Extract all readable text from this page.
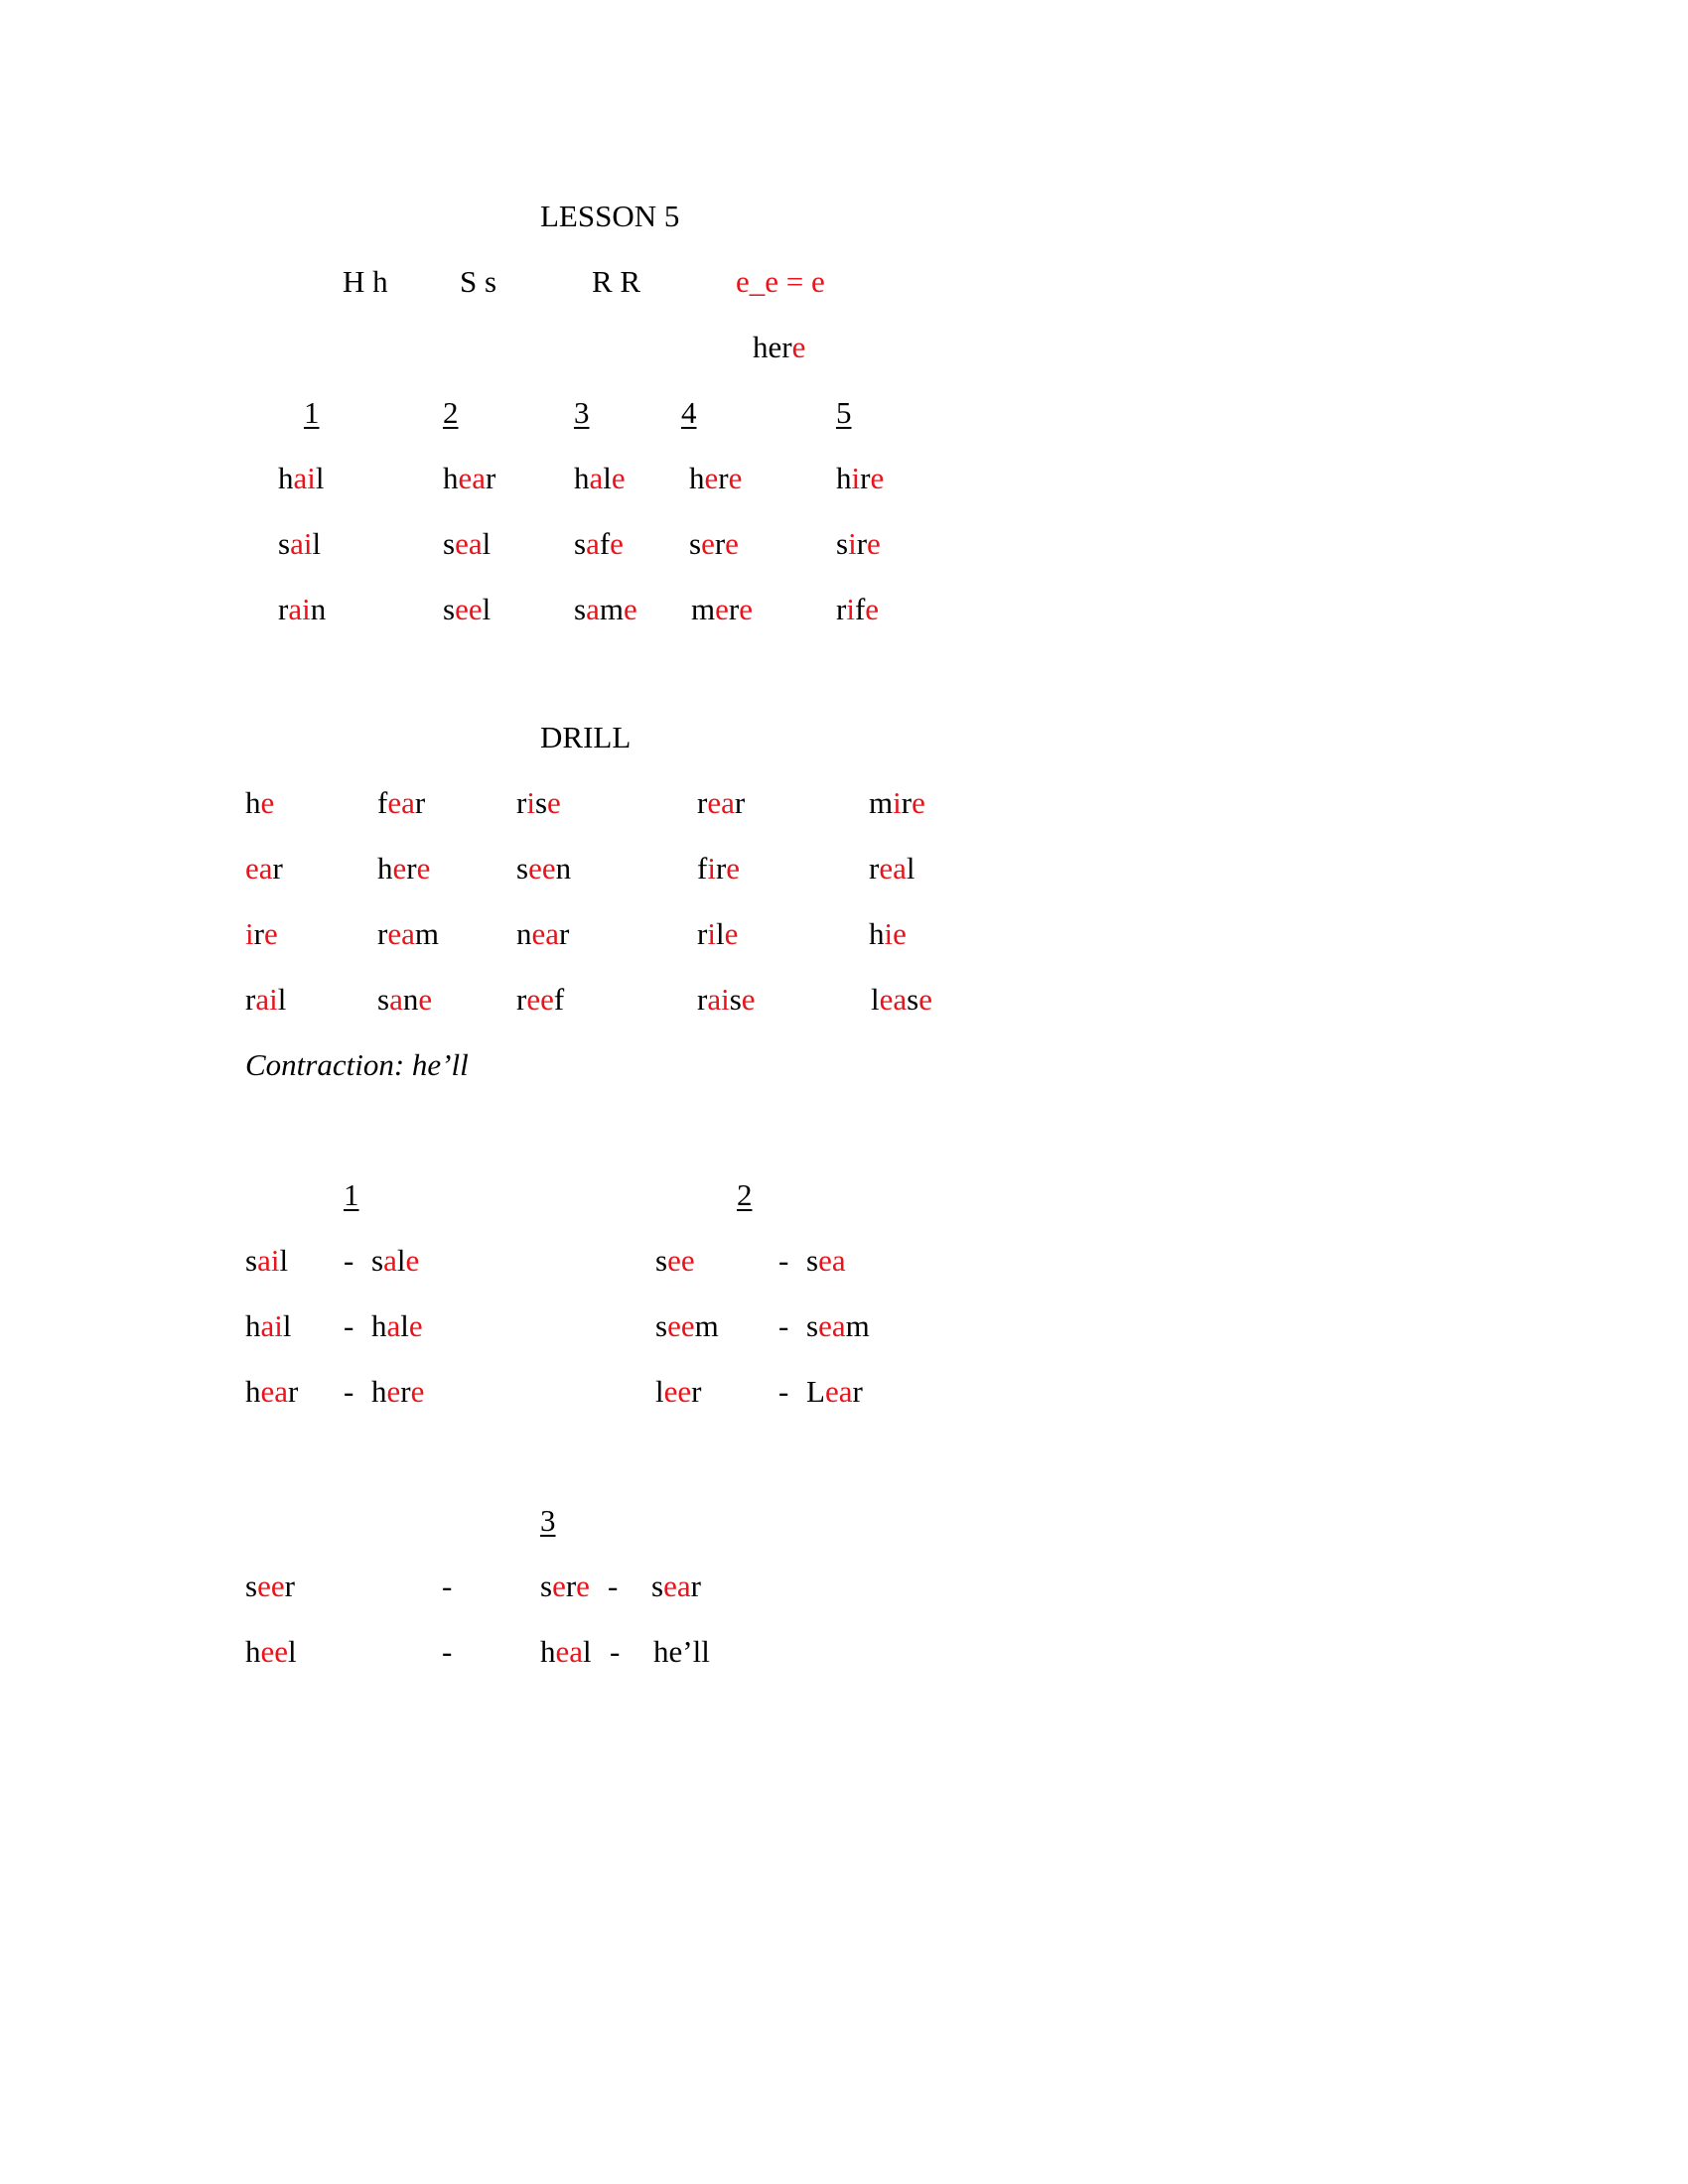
LESSON 5
H h S s	R R	e_e = e
here
1	2	3	4	5
hail	hear	hale here	hire
sail	seal	safe sere	sire
rain	seel	same mere	rife
DRILL
he	fear	rise	rear	mire
ear	here	seen	fire	real
ire	ream	near	rile	hie
rail	sane	reef	raise	lease
Contraction: he’ll
1	2
sail - sale	see	- sea
hail - hale	seem - seam
hear - here	leer	- Lear
3
seer	-	sere - sear
heel	-	heal - he’ll
